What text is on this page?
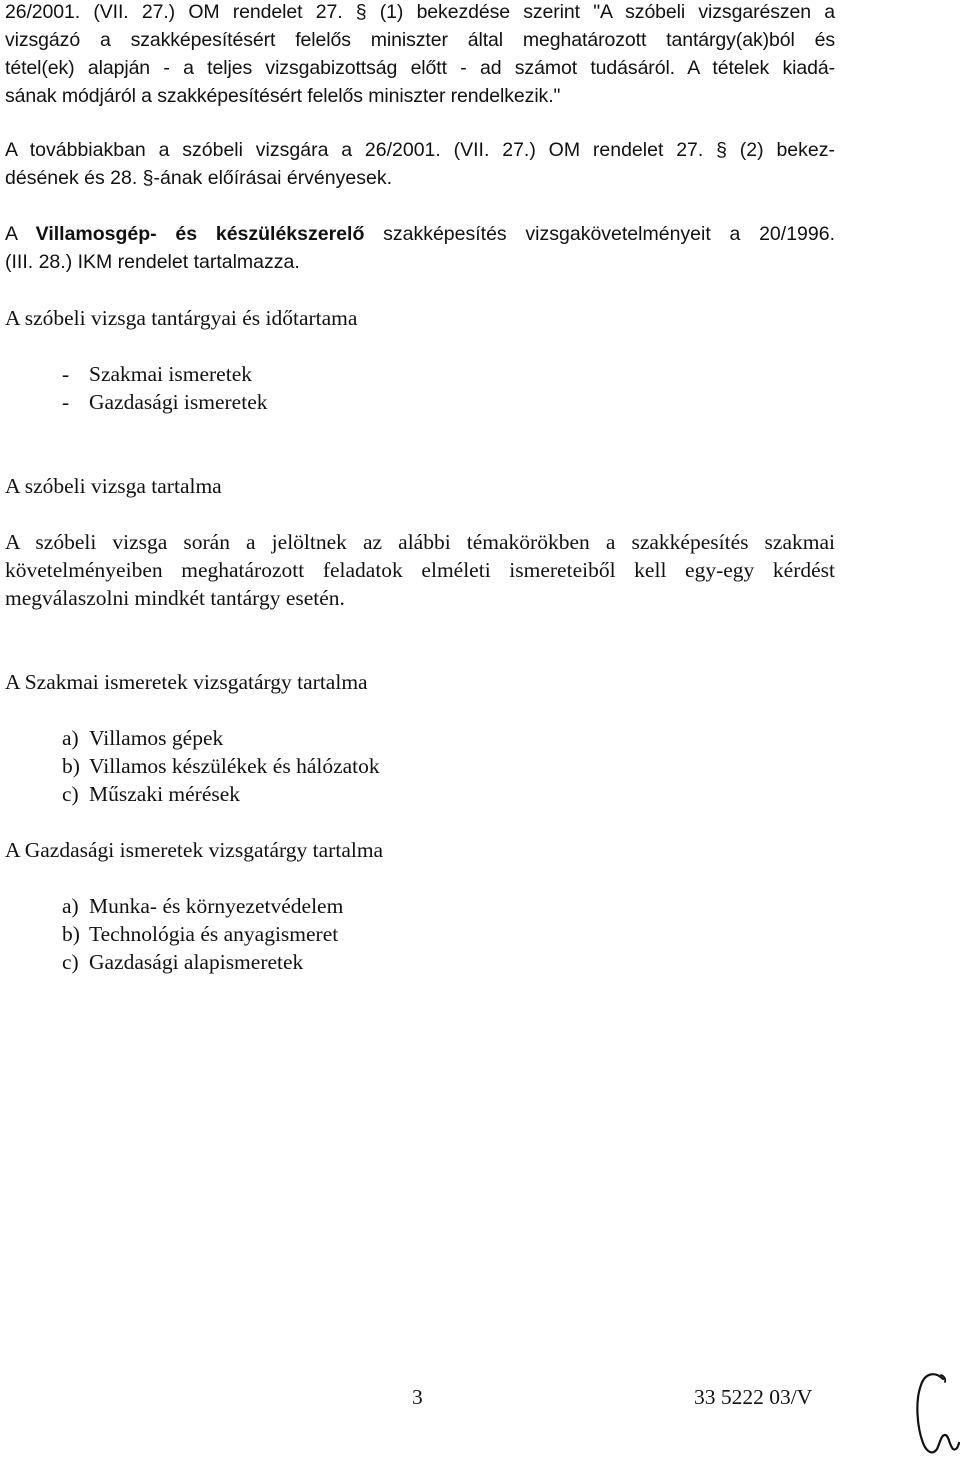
26/2001. (VII. 27.) OM rendelet 27. § (1) bekezdése szerint "A szóbeli vizsgarészen a
vizsgázó a szakképesítésért felelős miniszter által meghatározott tantárgy(ak)ból és
tétel(ek) alapján - a teljes vizsgabizottság előtt - ad számot tudásáról. A tételek kiadá-
sának módjáról a szakképesítésért felelős miniszter rendelkezik."
A továbbiakban a szóbeli vizsgára a 26/2001. (VII. 27.) OM rendelet 27. § (2) bekez-
désének és 28. §-ának előírásai érvényesek.
A Villamosgép- és készülékszerelő szakképesítés vizsgakövetelményeit a 20/1996.
(III. 28.) IKM rendelet tartalmazza.
A szóbeli vizsga tantárgyai és időtartama
- Szakmai ismeretek
- Gazdasági ismeretek
A szóbeli vizsga tartalma
A szóbeli vizsga során a jelöltnek az alábbi témakörökben a szakképesítés szakmai
követelményeiben meghatározott feladatok elméleti ismereteiből kell egy-egy kérdést
megválaszolni mindkét tantárgy esetén.
A Szakmai ismeretek vizsgatárgy tartalma
a) Villamos gépek
b) Villamos készülékek és hálózatok
c) Műszaki mérések
A Gazdasági ismeretek vizsgatárgy tartalma
a) Munka- és környezetvédelem
b) Technológia és anyagismeret
c) Gazdasági alapismeretek
3	33 5222 03/V
